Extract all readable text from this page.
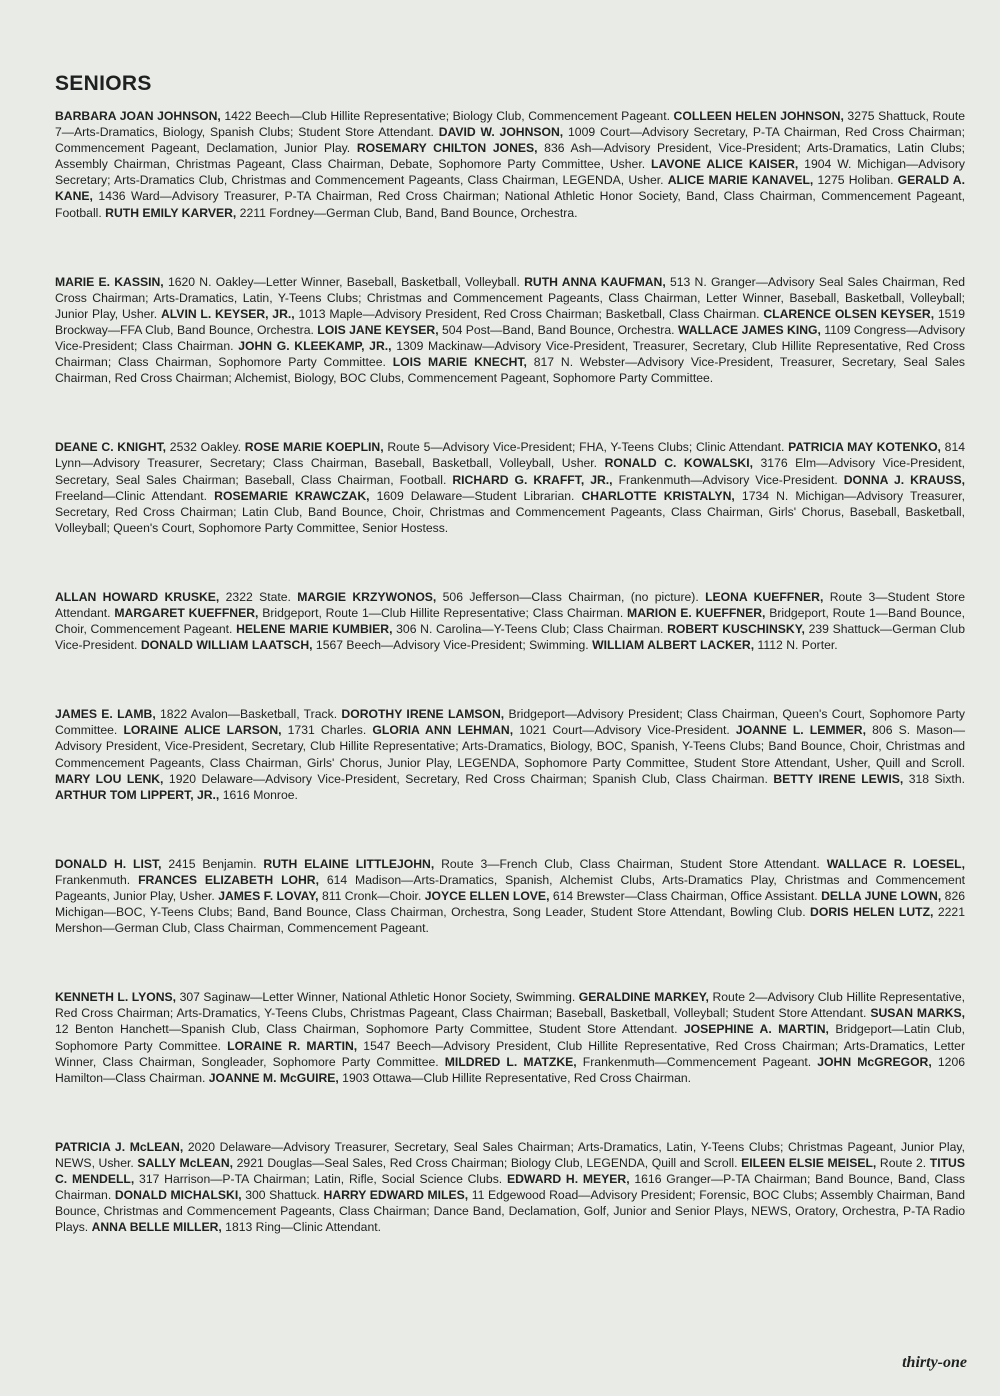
SENIORS

BARBARA JOAN JOHNSON, 1422 Beech—Club Hillite Representative; Biology Club, Commencement Pageant. COLLEEN HELEN JOHNSON, 3275 Shattuck, Route 7—Arts-Dramatics, Biology, Spanish Clubs; Student Store Attendant. DAVID W. JOHNSON, 1009 Court—Advisory Secretary, P-TA Chairman, Red Cross Chairman; Commencement Pageant, Declamation, Junior Play. ROSEMARY CHILTON JONES, 836 Ash—Advisory President, Vice-President; Arts-Dramatics, Latin Clubs; Assembly Chairman, Christmas Pageant, Class Chairman, Debate, Sophomore Party Committee, Usher. LAVONE ALICE KAISER, 1904 W. Michigan—Advisory Secretary; Arts-Dramatics Club, Christmas and Commencement Pageants, Class Chairman, LEGENDA, Usher. ALICE MARIE KANAVEL, 1275 Holiban. GERALD A. KANE, 1436 Ward—Advisory Treasurer, P-TA Chairman, Red Cross Chairman; National Athletic Honor Society, Band, Class Chairman, Commencement Pageant, Football. RUTH EMILY KARVER, 2211 Fordney—German Club, Band, Band Bounce, Orchestra.

MARIE E. KASSIN, 1620 N. Oakley—Letter Winner, Baseball, Basketball, Volleyball. RUTH ANNA KAUFMAN, 513 N. Granger—Advisory Seal Sales Chairman, Red Cross Chairman; Arts-Dramatics, Latin, Y-Teens Clubs; Christmas and Commencement Pageants, Class Chairman, Letter Winner, Baseball, Basketball, Volleyball; Junior Play, Usher. ALVIN L. KEYSER, JR., 1013 Maple—Advisory President, Red Cross Chairman; Basketball, Class Chairman. CLARENCE OLSEN KEYSER, 1519 Brockway—FFA Club, Band Bounce, Orchestra. LOIS JANE KEYSER, 504 Post—Band, Band Bounce, Orchestra. WALLACE JAMES KING, 1109 Congress—Advisory Vice-President; Class Chairman. JOHN G. KLEEKAMP, JR., 1309 Mackinaw—Advisory Vice-President, Treasurer, Secretary, Club Hillite Representative, Red Cross Chairman; Class Chairman, Sophomore Party Committee. LOIS MARIE KNECHT, 817 N. Webster—Advisory Vice-President, Treasurer, Secretary, Seal Sales Chairman, Red Cross Chairman; Alchemist, Biology, BOC Clubs, Commencement Pageant, Sophomore Party Committee.

DEANE C. KNIGHT, 2532 Oakley. ROSE MARIE KOEPLIN, Route 5—Advisory Vice-President; FHA, Y-Teens Clubs; Clinic Attendant. PATRICIA MAY KOTENKO, 814 Lynn—Advisory Treasurer, Secretary; Class Chairman, Baseball, Basketball, Volleyball, Usher. RONALD C. KOWALSKI, 3176 Elm—Advisory Vice-President, Secretary, Seal Sales Chairman; Baseball, Class Chairman, Football. RICHARD G. KRAFFT, JR., Frankenmuth—Advisory Vice-President. DONNA J. KRAUSS, Freeland—Clinic Attendant. ROSEMARIE KRAWCZAK, 1609 Delaware—Student Librarian. CHARLOTTE KRISTALYN, 1734 N. Michigan—Advisory Treasurer, Secretary, Red Cross Chairman; Latin Club, Band Bounce, Choir, Christmas and Commencement Pageants, Class Chairman, Girls' Chorus, Baseball, Basketball, Volleyball; Queen's Court, Sophomore Party Committee, Senior Hostess.

ALLAN HOWARD KRUSKE, 2322 State. MARGIE KRZYWONOS, 506 Jefferson—Class Chairman, (no picture). LEONA KUEFFNER, Route 3—Student Store Attendant. MARGARET KUEFFNER, Bridgeport, Route 1—Club Hillite Representative; Class Chairman. MARION E. KUEFFNER, Bridgeport, Route 1—Band Bounce, Choir, Commencement Pageant. HELENE MARIE KUMBIER, 306 N. Carolina—Y-Teens Club; Class Chairman. ROBERT KUSCHINSKY, 239 Shattuck—German Club Vice-President. DONALD WILLIAM LAATSCH, 1567 Beech—Advisory Vice-President; Swimming. WILLIAM ALBERT LACKER, 1112 N. Porter.

JAMES E. LAMB, 1822 Avalon—Basketball, Track. DOROTHY IRENE LAMSON, Bridgeport—Advisory President; Class Chairman, Queen's Court, Sophomore Party Committee. LORAINE ALICE LARSON, 1731 Charles. GLORIA ANN LEHMAN, 1021 Court—Advisory Vice-President. JOANNE L. LEMMER, 806 S. Mason—Advisory President, Vice-President, Secretary, Club Hillite Representative; Arts-Dramatics, Biology, BOC, Spanish, Y-Teens Clubs; Band Bounce, Choir, Christmas and Commencement Pageants, Class Chairman, Girls' Chorus, Junior Play, LEGENDA, Sophomore Party Committee, Student Store Attendant, Usher, Quill and Scroll. MARY LOU LENK, 1920 Delaware—Advisory Vice-President, Secretary, Red Cross Chairman; Spanish Club, Class Chairman. BETTY IRENE LEWIS, 318 Sixth. ARTHUR TOM LIPPERT, JR., 1616 Monroe.

DONALD H. LIST, 2415 Benjamin. RUTH ELAINE LITTLEJOHN, Route 3—French Club, Class Chairman, Student Store Attendant. WALLACE R. LOESEL, Frankenmuth. FRANCES ELIZABETH LOHR, 614 Madison—Arts-Dramatics, Spanish, Alchemist Clubs, Arts-Dramatics Play, Christmas and Commencement Pageants, Junior Play, Usher. JAMES F. LOVAY, 811 Cronk—Choir. JOYCE ELLEN LOVE, 614 Brewster—Class Chairman, Office Assistant. DELLA JUNE LOWN, 826 Michigan—BOC, Y-Teens Clubs; Band, Band Bounce, Class Chairman, Orchestra, Song Leader, Student Store Attendant, Bowling Club. DORIS HELEN LUTZ, 2221 Mershon—German Club, Class Chairman, Commencement Pageant.

KENNETH L. LYONS, 307 Saginaw—Letter Winner, National Athletic Honor Society, Swimming. GERALDINE MARKEY, Route 2—Advisory Club Hillite Representative, Red Cross Chairman; Arts-Dramatics, Y-Teens Clubs, Christmas Pageant, Class Chairman; Baseball, Basketball, Volleyball; Student Store Attendant. SUSAN MARKS, 12 Benton Hanchett—Spanish Club, Class Chairman, Sophomore Party Committee, Student Store Attendant. JOSEPHINE A. MARTIN, Bridgeport—Latin Club, Sophomore Party Committee. LORAINE R. MARTIN, 1547 Beech—Advisory President, Club Hillite Representative, Red Cross Chairman; Arts-Dramatics, Letter Winner, Class Chairman, Songleader, Sophomore Party Committee. MILDRED L. MATZKE, Frankenmuth—Commencement Pageant. JOHN McGREGOR, 1206 Hamilton—Class Chairman. JOANNE M. McGUIRE, 1903 Ottawa—Club Hillite Representative, Red Cross Chairman.

PATRICIA J. McLEAN, 2020 Delaware—Advisory Treasurer, Secretary, Seal Sales Chairman; Arts-Dramatics, Latin, Y-Teens Clubs; Christmas Pageant, Junior Play, NEWS, Usher. SALLY McLEAN, 2921 Douglas—Seal Sales, Red Cross Chairman; Biology Club, LEGENDA, Quill and Scroll. EILEEN ELSIE MEISEL, Route 2. TITUS C. MENDELL, 317 Harrison—P-TA Chairman; Latin, Rifle, Social Science Clubs. EDWARD H. MEYER, 1616 Granger—P-TA Chairman; Band Bounce, Band, Class Chairman. DONALD MICHALSKI, 300 Shattuck. HARRY EDWARD MILES, 11 Edgewood Road—Advisory President; Forensic, BOC Clubs; Assembly Chairman, Band Bounce, Christmas and Commencement Pageants, Class Chairman; Dance Band, Declamation, Golf, Junior and Senior Plays, NEWS, Oratory, Orchestra, P-TA Radio Plays. ANNA BELLE MILLER, 1813 Ring—Clinic Attendant.

thirty-one
